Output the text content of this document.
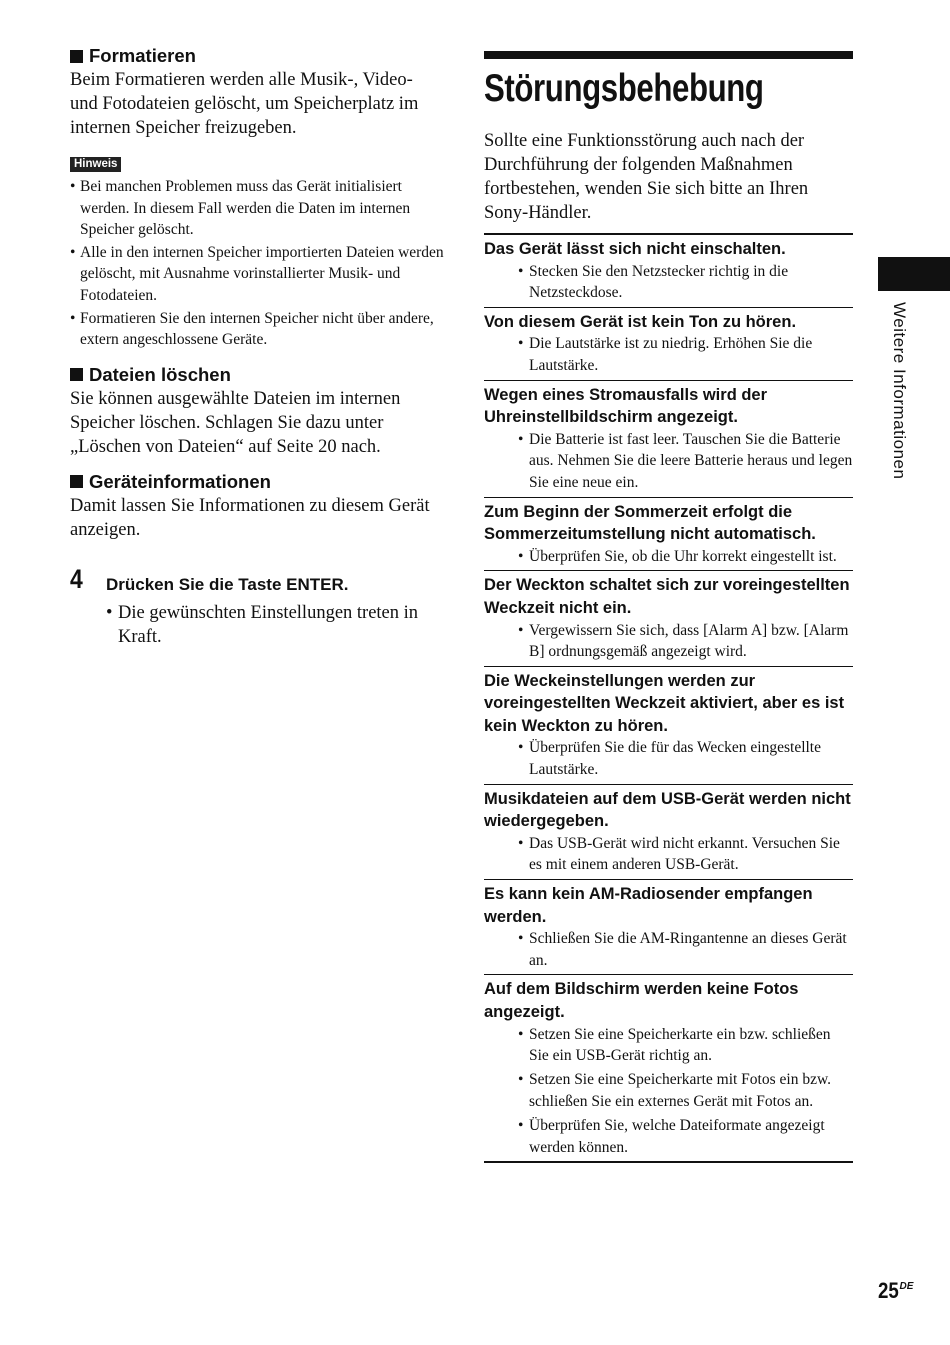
Formatieren

Beim Formatieren werden alle Musik-, Video- und Fotodateien gelöscht, um Speicherplatz im internen Speicher freizugeben.

Hinweis
• Bei manchen Problemen muss das Gerät initialisiert werden. In diesem Fall werden die Daten im internen Speicher gelöscht.
• Alle in den internen Speicher importierten Dateien werden gelöscht, mit Ausnahme vorinstallierter Musik- und Fotodateien.
• Formatieren Sie den internen Speicher nicht über andere, extern angeschlossene Geräte.
Dateien löschen

Sie können ausgewählte Dateien im internen Speicher löschen. Schlagen Sie dazu unter „Löschen von Dateien“ auf Seite 20 nach.

Geräteinformationen

Damit lassen Sie Informationen zu diesem Gerät anzeigen.

4 Drücken Sie die Taste ENTER.
• Die gewünschten Einstellungen treten in Kraft.
Störungsbehebung

Sollte eine Funktionsstörung auch nach der Durchführung der folgenden Maßnahmen fortbestehen, wenden Sie sich bitte an Ihren Sony-Händler.

Das Gerät lässt sich nicht einschalten.
• Stecken Sie den Netzstecker richtig in die Netzsteckdose.
Von diesem Gerät ist kein Ton zu hören.
• Die Lautstärke ist zu niedrig. Erhöhen Sie die Lautstärke.
Wegen eines Stromausfalls wird der Uhreinstellbildschirm angezeigt.
• Die Batterie ist fast leer. Tauschen Sie die Batterie aus. Nehmen Sie die leere Batterie heraus und legen Sie eine neue ein.
Zum Beginn der Sommerzeit erfolgt die Sommerzeitumstellung nicht automatisch.
• Überprüfen Sie, ob die Uhr korrekt eingestellt ist.
Der Weckton schaltet sich zur voreingestellten Weckzeit nicht ein.
• Vergewissern Sie sich, dass [Alarm A] bzw. [Alarm B] ordnungsgemäß angezeigt wird.
Die Weckeinstellungen werden zur voreingestellten Weckzeit aktiviert, aber es ist kein Weckton zu hören.
• Überprüfen Sie die für das Wecken eingestellte Lautstärke.
Musikdateien auf dem USB-Gerät werden nicht wiedergegeben.
• Das USB-Gerät wird nicht erkannt. Versuchen Sie es mit einem anderen USB-Gerät.
Es kann kein AM-Radiosender empfangen werden.
• Schließen Sie die AM-Ringantenne an dieses Gerät an.
Auf dem Bildschirm werden keine Fotos angezeigt.
• Setzen Sie eine Speicherkarte ein bzw. schließen Sie ein USB-Gerät richtig an.
• Setzen Sie eine Speicherkarte mit Fotos ein bzw. schließen Sie ein externes Gerät mit Fotos an.
• Überprüfen Sie, welche Dateiformate angezeigt werden können.
Weitere Informationen
25 DE
